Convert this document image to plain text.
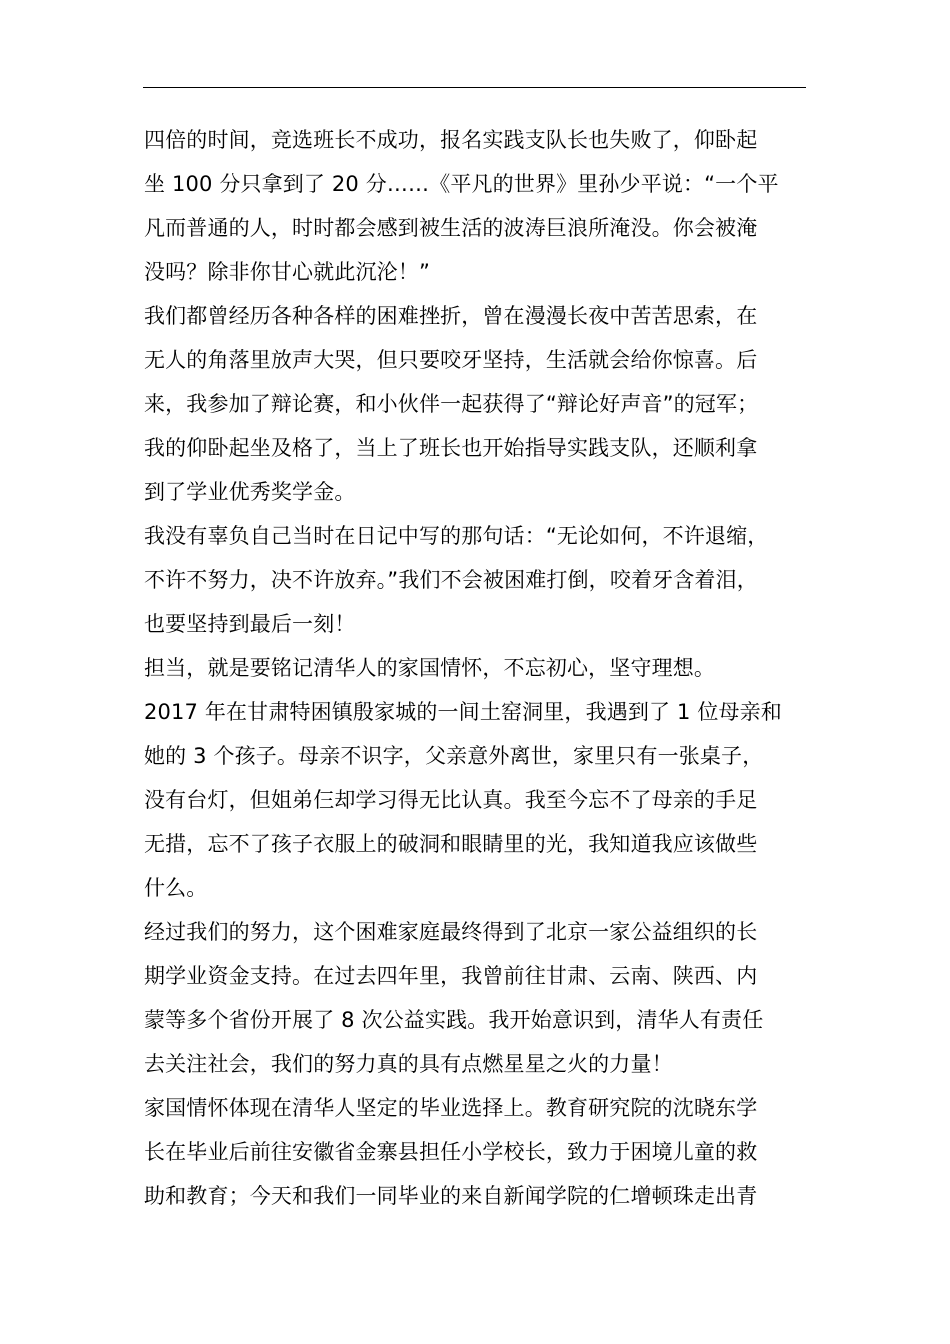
四倍的时间，竞选班长不成功，报名实践支队长也失败了，仰卧起
坐 100 分只拿到了 20 分……《平凡的世界》里孙少平说：“一个平
凡而普通的人，时时都会感到被生活的波涛巨浪所淹没。你会被淹
没吗？除非你甘心就此沉沦！”
我们都曾经历各种各样的困难挫折，曾在漫漫长夜中苦苦思索，在
无人的角落里放声大哭，但只要咬牙坚持，生活就会给你惊喜。后
来，我参加了辩论赛，和小伙伴一起获得了“辩论好声音”的冠军；
我的仰卧起坐及格了，当上了班长也开始指导实践支队，还顺利拿
到了学业优秀奖学金。
我没有辜负自己当时在日记中写的那句话：“无论如何，不许退缩，
不许不努力，决不许放弃。”我们不会被困难打倒，咬着牙含着泪，
也要坚持到最后一刻！
担当，就是要铭记清华人的家国情怀，不忘初心，坚守理想。
2017 年在甘肃特困镇殷家城的一间土窑洞里，我遇到了 1 位母亲和
她的 3 个孩子。母亲不识字，父亲意外离世，家里只有一张桌子，
没有台灯，但姐弟仨却学习得无比认真。我至今忘不了母亲的手足
无措，忘不了孩子衣服上的破洞和眼睛里的光，我知道我应该做些
什么。
经过我们的努力，这个困难家庭最终得到了北京一家公益组织的长
期学业资金支持。在过去四年里，我曾前往甘肃、云南、陕西、内
蒙等多个省份开展了 8 次公益实践。我开始意识到，清华人有责任
去关注社会，我们的努力真的具有点燃星星之火的力量！
家国情怀体现在清华人坚定的毕业选择上。教育研究院的沈晓东学
长在毕业后前往安徽省金寨县担任小学校长，致力于困境儿童的救
助和教育；今天和我们一同毕业的来自新闻学院的仁增顿珠走出青
